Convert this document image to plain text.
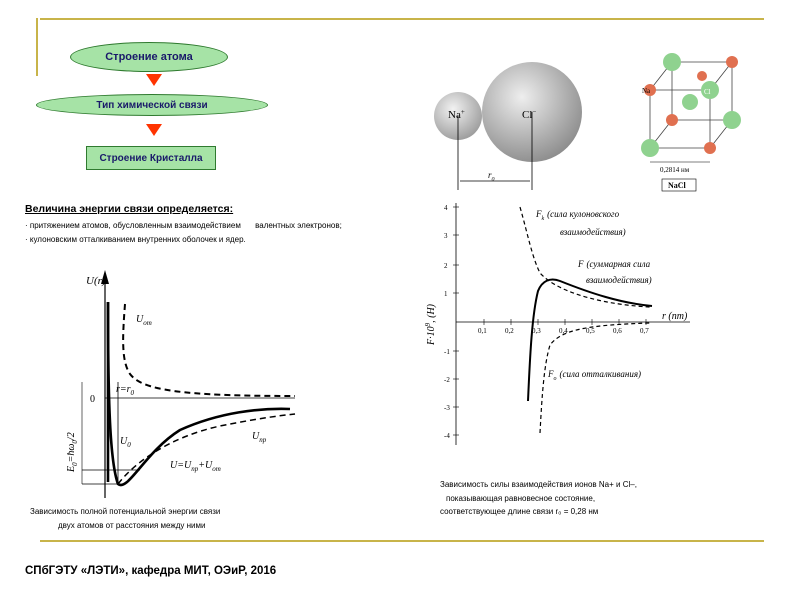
Строение атома
Тип химической связи
Строение Кристалла
Величина энергии связи определяется:
· притяжением атомов, обусловленным взаимодействием валентных электронов;
· кулоновским отталкиванием внутренних оболочек и ядер.
U(r)
0
$U_{от}$
$r=r_0$
$U_0$
$U_{пр}$
$U=U_{пр}+U_{от}$
$E_0=ħ\omega_0/2$
Зависимость полной потенциальной энергии связи
двух атомов от расстояния между ними
Na+	Cl−
$r_0$
Na	Cl
0,2814 нм
NaCl
4
3
2
1
-1
-2
-3
-4
0,1	0,2	0,3	0,4	0,5	0,6	0,7
$F\cdot 10^9$, (Н)	r (nm)
$F_k$ (сила кулоновского
взаимодействия)
F (суммарная сила
взаимодействия)
$F_o$ (сила отталкивания)
Зависимость силы взаимодействия ионов Na+ и Cl–,
показывающая равновесное состояние,
соответствующее длине связи r₀ = 0,28 нм
СПбГЭТУ «ЛЭТИ», кафедра МИТ, ОЭиР, 2016
